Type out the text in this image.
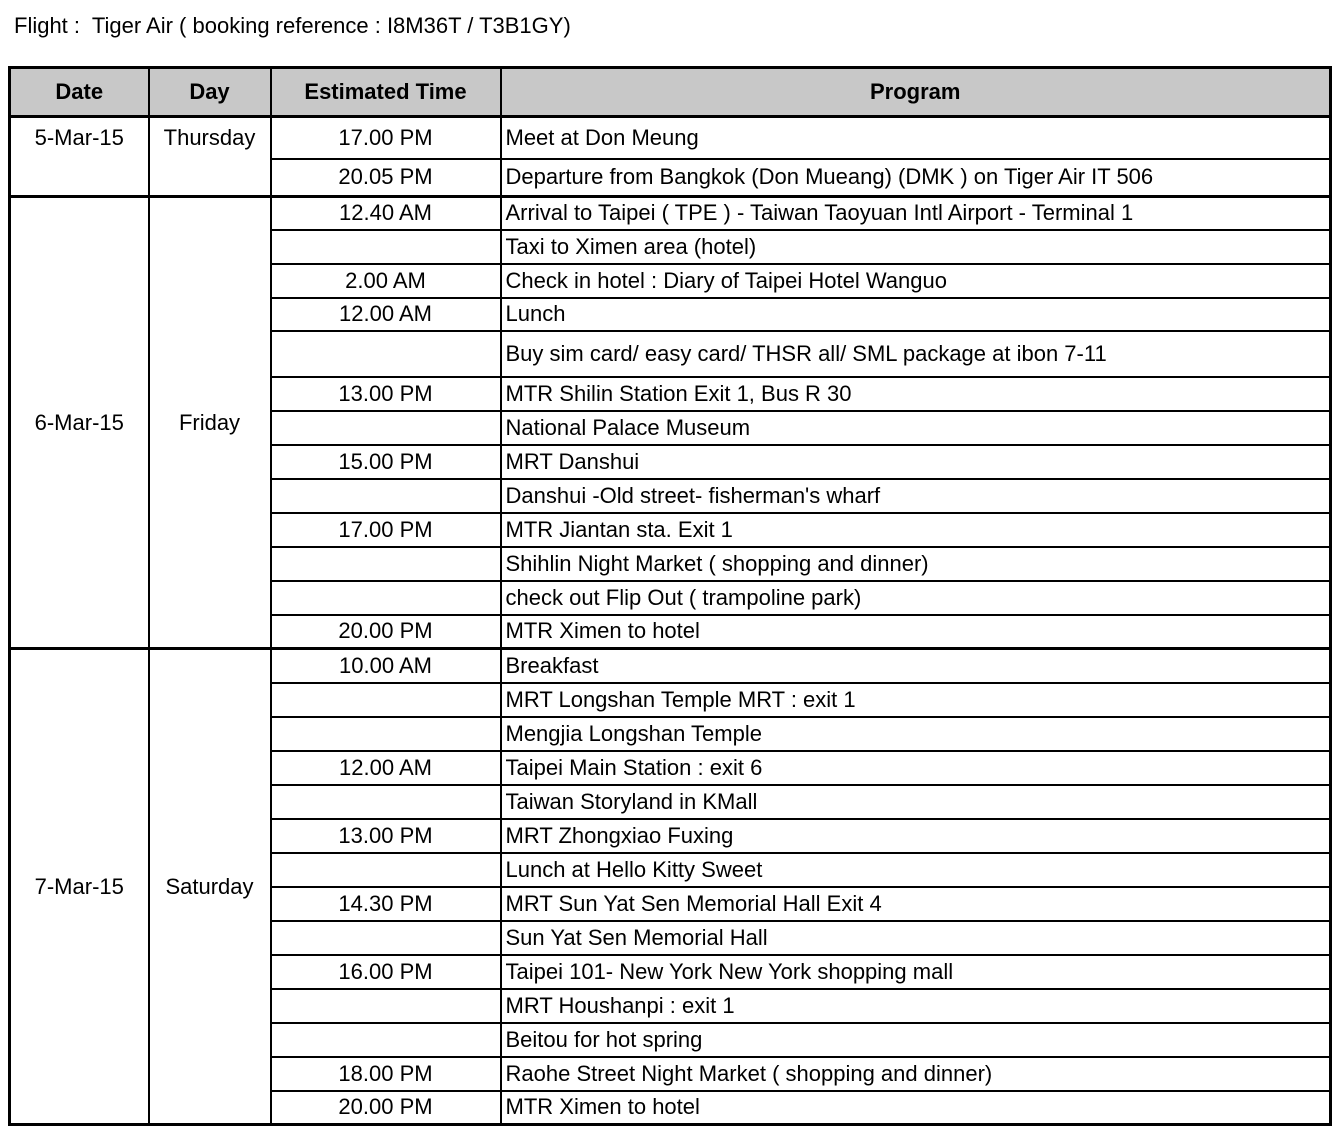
Flight :  Tiger Air ( booking reference : I8M36T / T3B1GY)
Date	Day	Estimated Time	Program
5-Mar-15	Thursday	17.00 PM	Meet at Don Meung
		20.05 PM	Departure from Bangkok (Don Mueang) (DMK ) on Tiger Air IT 506
6-Mar-15	Friday	12.40 AM	Arrival to Taipei ( TPE ) - Taiwan Taoyuan Intl Airport - Terminal 1
			Taxi to Ximen area (hotel)
		2.00 AM	Check in hotel : Diary of Taipei Hotel Wanguo
		12.00 AM	Lunch
			Buy sim card/ easy card/ THSR all/ SML package at ibon 7-11
		13.00 PM	MTR Shilin Station Exit 1, Bus R 30
			National Palace Museum
		15.00 PM	MRT Danshui
			Danshui -Old street- fisherman's wharf
		17.00 PM	MTR Jiantan sta. Exit 1
			Shihlin Night Market ( shopping and dinner)
			check out Flip Out ( trampoline park)
		20.00 PM	MTR Ximen to hotel
7-Mar-15	Saturday	10.00 AM	Breakfast
			MRT Longshan Temple MRT : exit 1
			Mengjia Longshan Temple
		12.00 AM	Taipei Main Station : exit 6
			Taiwan Storyland in KMall
		13.00 PM	MRT Zhongxiao Fuxing
			Lunch at Hello Kitty Sweet
		14.30 PM	MRT Sun Yat Sen Memorial Hall Exit 4
			Sun Yat Sen Memorial Hall
		16.00 PM	Taipei 101- New York New York shopping mall
			MRT Houshanpi : exit 1
			Beitou for hot spring
		18.00 PM	Raohe Street Night Market ( shopping and dinner)
		20.00 PM	MTR Ximen to hotel
